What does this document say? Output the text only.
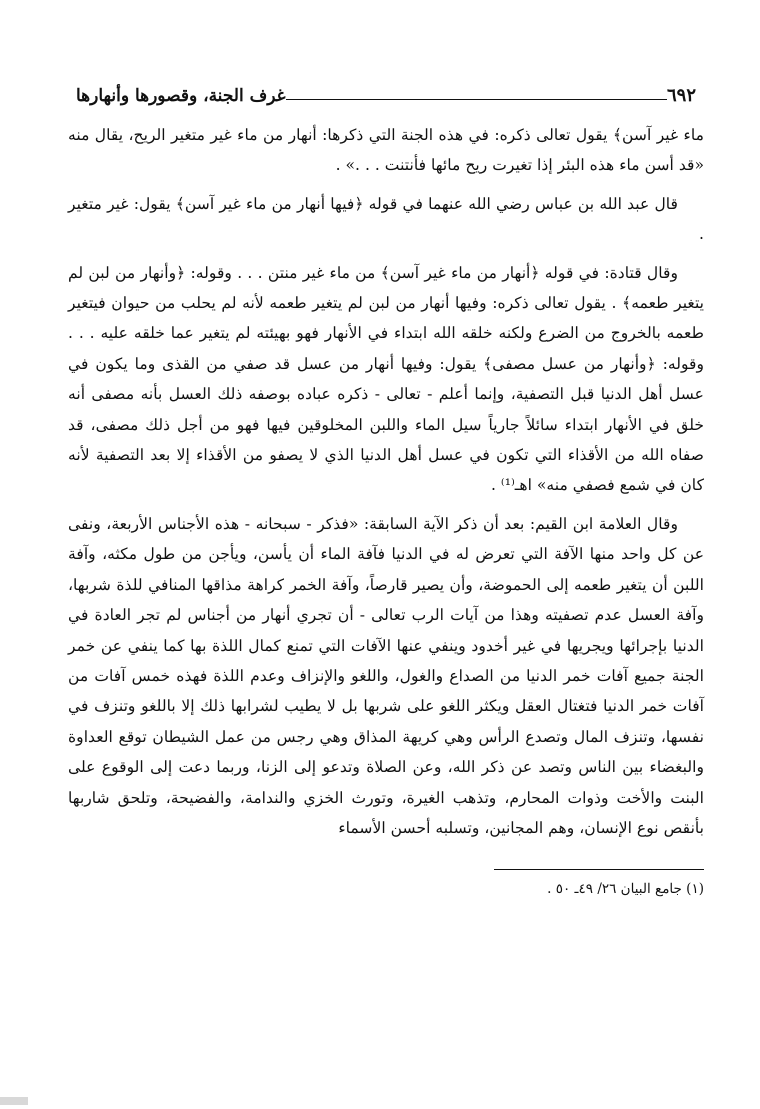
٦٩٢
غرف الجنة، وقصورها وأنهارها

ماء غير آسن﴾ يقول تعالى ذكره: في هذه الجنة التي ذكرها: أنهار من ماء غير متغير الريح، يقال منه «قد أسن ماء هذه البئر إذا تغيرت ريح مائها فأنتنت . . .» .

قال عبد الله بن عباس رضي الله عنهما في قوله ﴿فيها أنهار من ماء غير آسن﴾ يقول: غير متغير .

وقال قتادة: في قوله ﴿أنهار من ماء غير آسن﴾ من ماء غير منتن . . . وقوله: ﴿وأنهار من لبن لم يتغير طعمه﴾ . يقول تعالى ذكره: وفيها أنهار من لبن لم يتغير طعمه لأنه لم يحلب من حيوان فيتغير طعمه بالخروج من الضرع ولكنه خلقه الله ابتداء في الأنهار فهو بهيئته لم يتغير عما خلقه عليه . . . وقوله: ﴿وأنهار من عسل مصفى﴾ يقول: وفيها أنهار من عسل قد صفي من القذى وما يكون في عسل أهل الدنيا قبل التصفية، وإنما أعلم - تعالى - ذكره عباده بوصفه ذلك العسل بأنه مصفى أنه خلق في الأنهار ابتداء سائلاً جارياً سيل الماء واللبن المخلوقين فيها فهو من أجل ذلك مصفى، قد صفاه الله من الأقذاء التي تكون في عسل أهل الدنيا الذي لا يصفو من الأقذاء إلا بعد التصفية لأنه كان في شمع فصفي منه» اهـ⁽¹⁾ .

وقال العلامة ابن القيم: بعد أن ذكر الآية السابقة: «فذكر - سبحانه - هذه الأجناس الأربعة، ونفى عن كل واحد منها الآفة التي تعرض له في الدنيا فآفة الماء أن يأسن، ويأجن من طول مكثه، وآفة اللبن أن يتغير طعمه إلى الحموضة، وأن يصير قارصاً، وآفة الخمر كراهة مذاقها المنافي للذة شربها، وآفة العسل عدم تصفيته وهذا من آيات الرب تعالى - أن تجري أنهار من أجناس لم تجر العادة في الدنيا بإجرائها ويجريها في غير أخدود وينفي عنها الآفات التي تمنع كمال اللذة بها كما ينفي عن خمر الجنة جميع آفات خمر الدنيا من الصداع والغول، واللغو والإنزاف وعدم اللذة فهذه خمس آفات من آفات خمر الدنيا فتغتال العقل ويكثر اللغو على شربها بل لا يطيب لشرابها ذلك إلا باللغو وتنزف في نفسها، وتنزف المال وتصدع الرأس وهي كريهة المذاق وهي رجس من عمل الشيطان توقع العداوة والبغضاء بين الناس وتصد عن ذكر الله، وعن الصلاة وتدعو إلى الزنا، وربما دعت إلى الوقوع على البنت والأخت وذوات المحارم، وتذهب الغيرة، وتورث الخزي والندامة، والفضيحة، وتلحق شاربها بأنقص نوع الإنسان، وهم المجانين، وتسلبه أحسن الأسماء

(١) جامع البيان ٢٦/ ٤٩ـ ٥٠ .
